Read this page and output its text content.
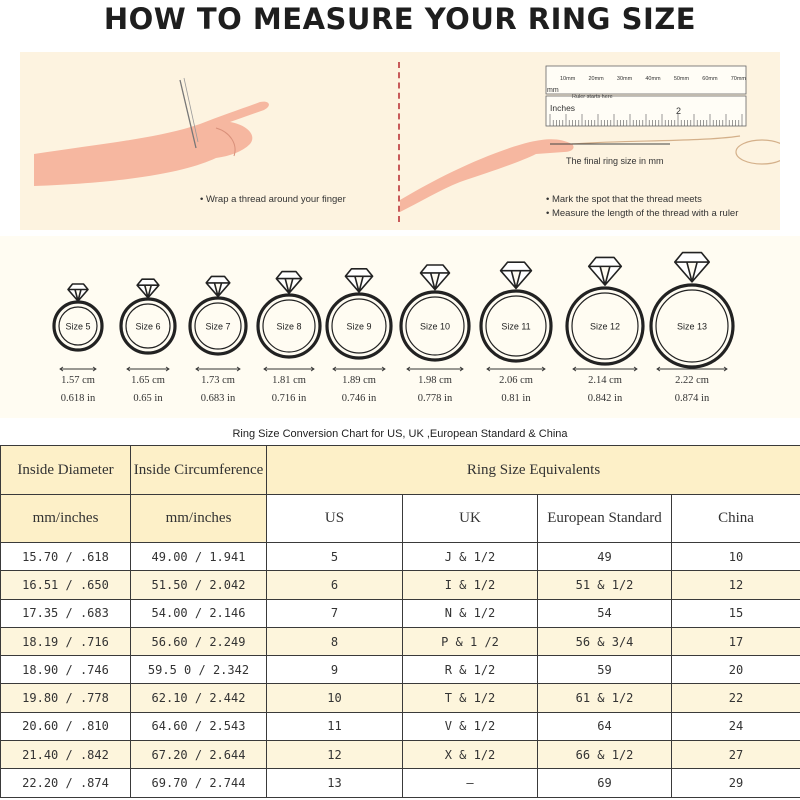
HOW TO MEASURE YOUR RING SIZE
mm
10mm 20mm 30mm 40mm 50mm 60mm 70mm
Ruler starts here
Inches	2
The final ring size in mm
• Wrap a thread around your finger	• Mark the spot that the thread meets
• Measure the length of the thread with a ruler
Size 5
1.57 cm
0.618 in
Size 6
1.65 cm
0.65 in
Size 7
1.73 cm
0.683 in
Size 8
1.81 cm
0.716 in
Size 9
1.89 cm
0.746 in
Size 10
1.98 cm
0.778 in
Size 11
2.06 cm
0.81 in
Size 12
2.14 cm
0.842 in
Size 13
2.22 cm
0.874 in
Ring Size Conversion Chart for US, UK ,European Standard & China
Inside Diameter	Inside Circumference	Ring Size Equivalents			
mm/inches	mm/inches	US	UK	European Standard	China
15.70 / .618	49.00 / 1.941	5	J & 1/2	49	10
16.51 / .650	51.50 / 2.042	6	I & 1/2	51 & 1/2	12
17.35 / .683	54.00 / 2.146	7	N & 1/2	54	15
18.19 / .716	56.60 / 2.249	8	P & 1 /2	56 & 3/4	17
18.90 / .746	59.5 0 / 2.342	9	R & 1/2	59	20
19.80 / .778	62.10 / 2.442	10	T & 1/2	61 & 1/2	22
20.60 / .810	64.60 / 2.543	11	V & 1/2	64	24
21.40 / .842	67.20 / 2.644	12	X & 1/2	66 & 1/2	27
22.20 / .874	69.70 / 2.744	13	—	69	29
